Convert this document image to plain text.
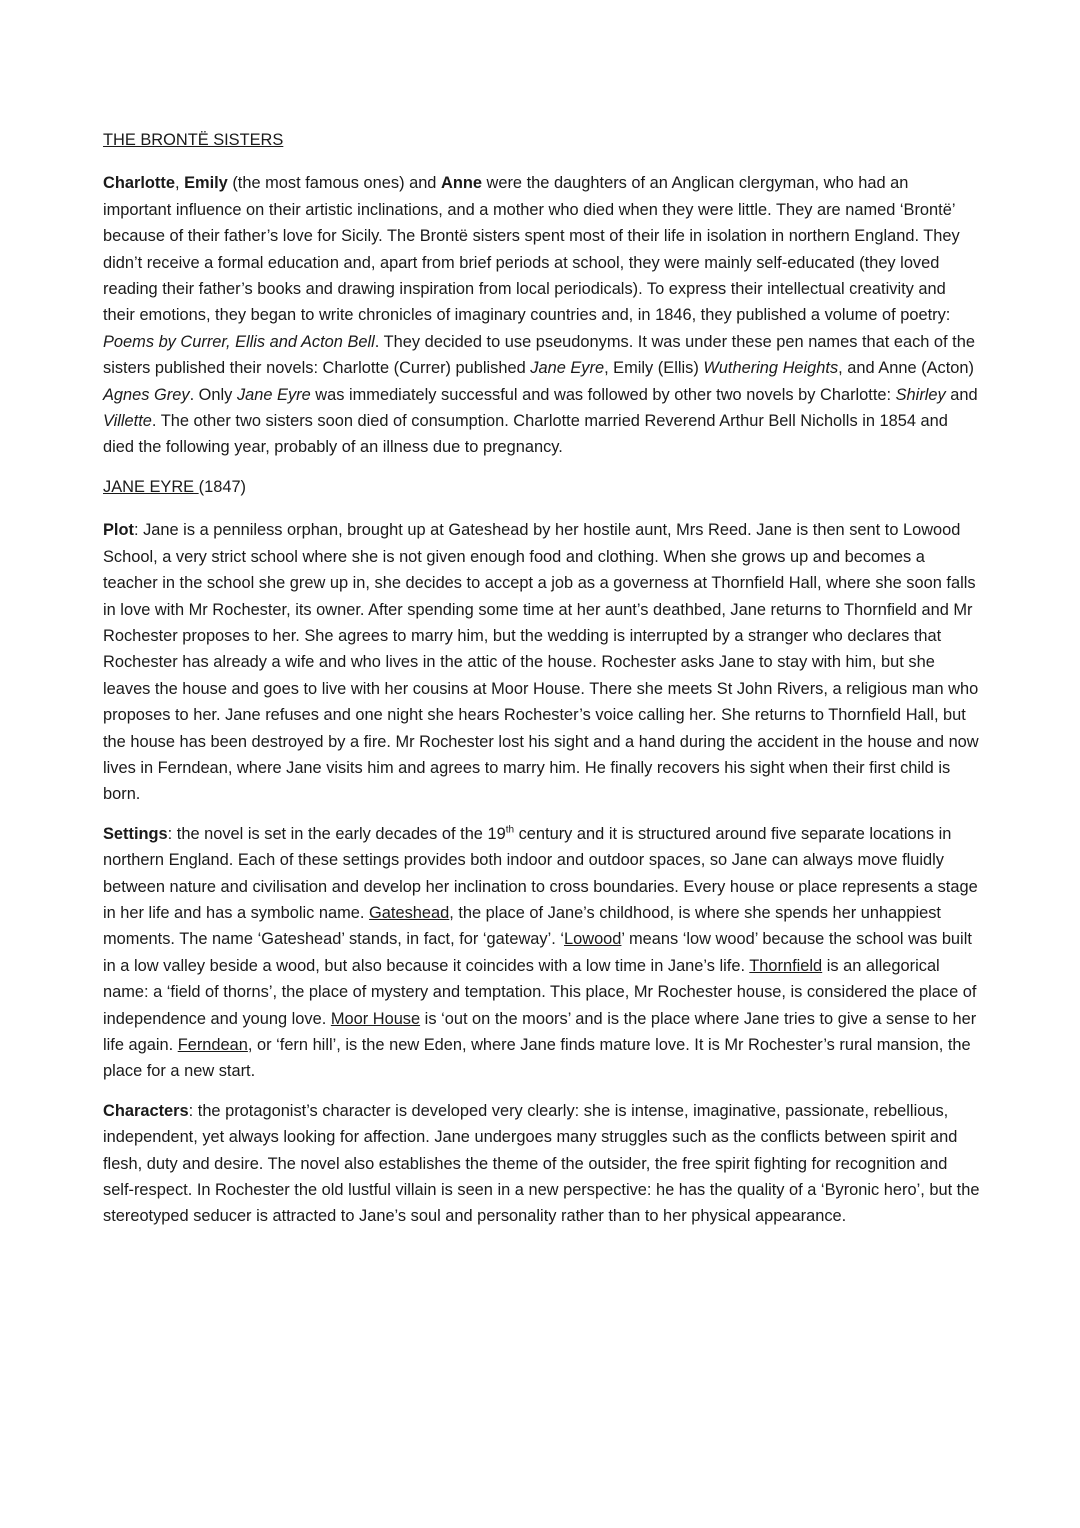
THE BRONTË SISTERS

Charlotte, Emily (the most famous ones) and Anne were the daughters of an Anglican clergyman, who had an important influence on their artistic inclinations, and a mother who died when they were little. They are named ‘Brontë’ because of their father’s love for Sicily. The Brontë sisters spent most of their life in isolation in northern England. They didn’t receive a formal education and, apart from brief periods at school, they were mainly self-educated (they loved reading their father’s books and drawing inspiration from local periodicals). To express their intellectual creativity and their emotions, they began to write chronicles of imaginary countries and, in 1846, they published a volume of poetry: Poems by Currer, Ellis and Acton Bell. They decided to use pseudonyms. It was under these pen names that each of the sisters published their novels: Charlotte (Currer) published Jane Eyre, Emily (Ellis) Wuthering Heights, and Anne (Acton) Agnes Grey. Only Jane Eyre was immediately successful and was followed by other two novels by Charlotte: Shirley and Villette. The other two sisters soon died of consumption. Charlotte married Reverend Arthur Bell Nicholls in 1854 and died the following year, probably of an illness due to pregnancy.

JANE EYRE (1847)

Plot: Jane is a penniless orphan, brought up at Gateshead by her hostile aunt, Mrs Reed. Jane is then sent to Lowood School, a very strict school where she is not given enough food and clothing. When she grows up and becomes a teacher in the school she grew up in, she decides to accept a job as a governess at Thornfield Hall, where she soon falls in love with Mr Rochester, its owner. After spending some time at her aunt’s deathbed, Jane returns to Thornfield and Mr Rochester proposes to her. She agrees to marry him, but the wedding is interrupted by a stranger who declares that Rochester has already a wife and who lives in the attic of the house. Rochester asks Jane to stay with him, but she leaves the house and goes to live with her cousins at Moor House. There she meets St John Rivers, a religious man who proposes to her. Jane refuses and one night she hears Rochester’s voice calling her. She returns to Thornfield Hall, but the house has been destroyed by a fire. Mr Rochester lost his sight and a hand during the accident in the house and now lives in Ferndean, where Jane visits him and agrees to marry him. He finally recovers his sight when their first child is born.

Settings: the novel is set in the early decades of the 19th century and it is structured around five separate locations in northern England. Each of these settings provides both indoor and outdoor spaces, so Jane can always move fluidly between nature and civilisation and develop her inclination to cross boundaries. Every house or place represents a stage in her life and has a symbolic name. Gateshead, the place of Jane’s childhood, is where she spends her unhappiest moments. The name ‘Gateshead’ stands, in fact, for ‘gateway’. ‘Lowood’ means ‘low wood’ because the school was built in a low valley beside a wood, but also because it coincides with a low time in Jane’s life. Thornfield is an allegorical name: a ‘field of thorns’, the place of mystery and temptation. This place, Mr Rochester house, is considered the place of independence and young love. Moor House is ‘out on the moors’ and is the place where Jane tries to give a sense to her life again. Ferndean, or ‘fern hill’, is the new Eden, where Jane finds mature love. It is Mr Rochester’s rural mansion, the place for a new start.

Characters: the protagonist’s character is developed very clearly: she is intense, imaginative, passionate, rebellious, independent, yet always looking for affection. Jane undergoes many struggles such as the conflicts between spirit and flesh, duty and desire. The novel also establishes the theme of the outsider, the free spirit fighting for recognition and self-respect. In Rochester the old lustful villain is seen in a new perspective: he has the quality of a ‘Byronic hero’, but the stereotyped seducer is attracted to Jane’s soul and personality rather than to her physical appearance.
